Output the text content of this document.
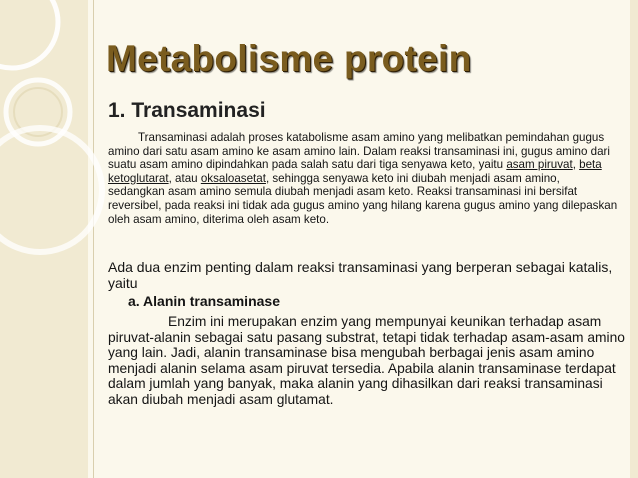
Metabolisme protein
1. Transaminasi

Transaminasi adalah proses katabolisme asam amino yang melibatkan pemindahan gugus amino dari satu asam amino ke asam amino lain. Dalam reaksi transaminasi ini, gugus amino dari suatu asam amino dipindahkan pada salah satu dari tiga senyawa keto, yaitu asam piruvat, beta ketoglutarat, atau oksaloasetat, sehingga senyawa keto ini diubah menjadi asam amino, sedangkan asam amino semula diubah menjadi asam keto. Reaksi transaminasi ini bersifat reversibel, pada reaksi ini tidak ada gugus amino yang hilang karena gugus amino yang dilepaskan oleh asam amino, diterima oleh asam keto.

Ada dua enzim penting dalam reaksi transaminasi yang berperan sebagai katalis, yaitu

a. Alanin transaminase

Enzim ini merupakan enzim yang mempunyai keunikan terhadap asam piruvat-alanin sebagai satu pasang substrat, tetapi tidak terhadap asam-asam amino yang lain. Jadi, alanin transaminase bisa mengubah berbagai jenis asam amino menjadi alanin selama asam piruvat tersedia. Apabila alanin transaminase terdapat dalam jumlah yang banyak, maka alanin yang dihasilkan dari reaksi transaminasi akan diubah menjadi asam glutamat.
